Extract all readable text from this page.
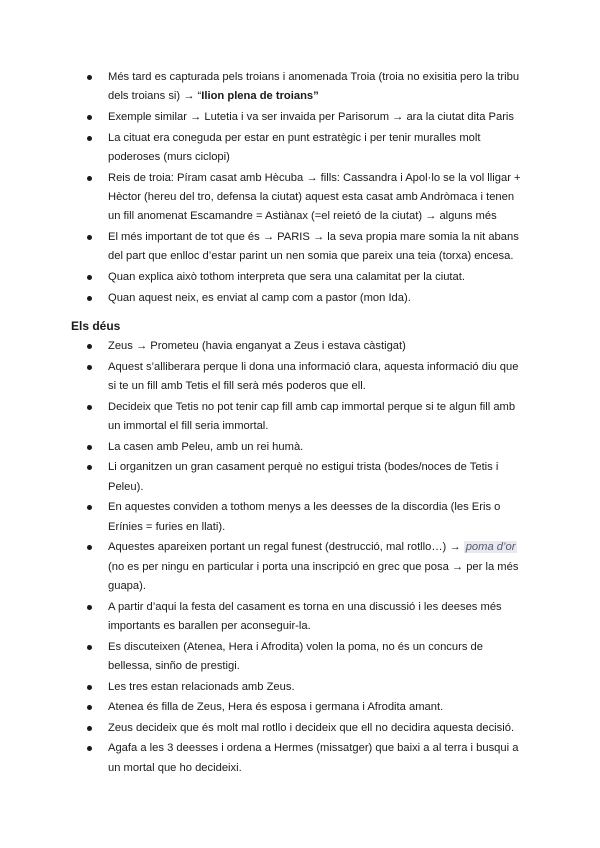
Més tard es capturada pels troians i anomenada Troia (troia no exisitia pero la tribu dels troians si) → “Ilion plena de troians”
Exemple similar → Lutetia i va ser invaida per Parisorum → ara la ciutat dita Paris
La cituat era coneguda per estar en punt estratègic i per tenir muralles molt poderoses (murs ciclopi)
Reis de troia: Píram casat amb Hècuba → fills: Cassandra i Apol·lo se la vol lligar + Hèctor (hereu del tro, defensa la ciutat) aquest esta casat amb Andròmaca i tenen un fill anomenat Escamandre = Astiànax (=el reietó de la ciutat) → alguns més
El més important de tot que és → PARIS → la seva propia mare somia la nit abans del part que enlloc d’estar parint un nen somia que pareix una teia (torxa) encesa.
Quan explica això tothom interpreta que sera una calamitat per la ciutat.
Quan aquest neix, es enviat al camp com a pastor (mon Ida).
Els déus
Zeus → Prometeu (havia enganyat a Zeus i estava càstigat)
Aquest s’alliberara perque li dona una informació clara, aquesta informació diu que si te un fill amb Tetis el fill serà més poderos que ell.
Decideix que Tetis no pot tenir cap fill amb cap immortal perque si te algun fill amb un immortal el fill seria immortal.
La casen amb Peleu, amb un rei humà.
Li organitzen un gran casament perquè no estigui trista (bodes/noces de Tetis i Peleu).
En aquestes conviden a tothom menys a les deesses de la discordia (les Eris o Erínies = furies en llati).
Aquestes apareixen portant un regal funest (destrucció, mal rotllo…) → poma d’or (no es per ningu en particular i porta una inscripció en grec que posa → per la més guapa).
A partir d’aqui la festa del casament es torna en una discussió i les deeses més importants es barallen per aconseguir-la.
Es discuteixen (Atenea, Hera i Afrodita) volen la poma, no és un concurs de bellessa, sinño de prestigi.
Les tres estan relacionads amb Zeus.
Atenea és filla de Zeus, Hera és esposa i germana i Afrodita amant.
Zeus decideix que és molt mal rotllo i decideix que ell no decidira aquesta decisió.
Agafa a les 3 deesses i ordena a Hermes (missatger) que baixi a al terra i busqui a un mortal que ho decideixi.
